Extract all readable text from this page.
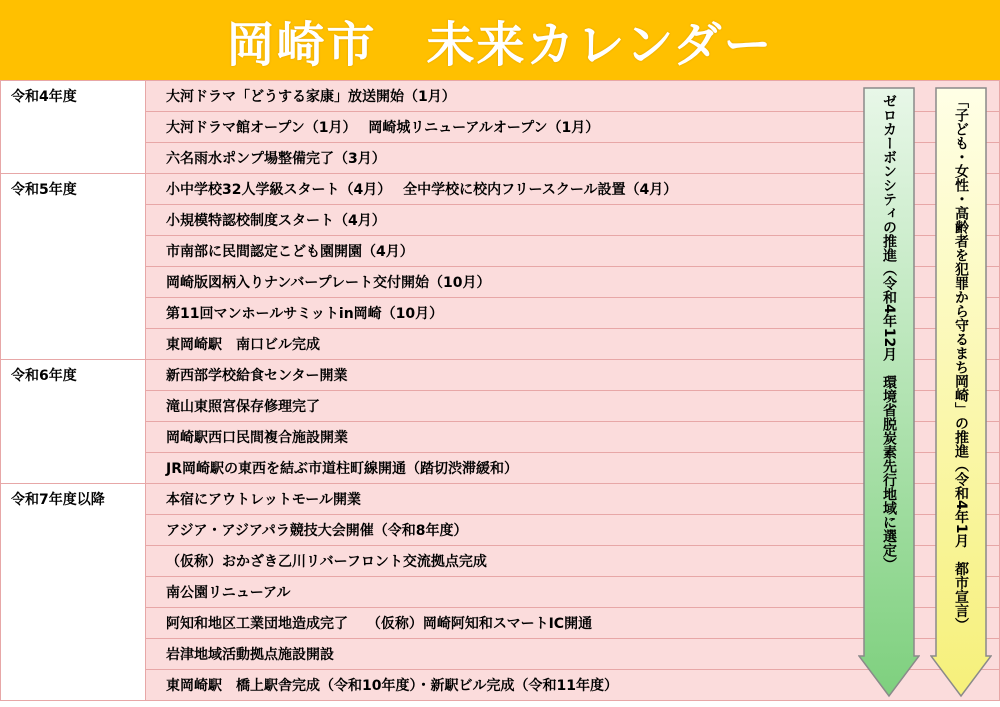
岡崎市　未来カレンダー
令和4年度	大河ドラマ「どうする家康」放送開始（1月）

	大河ドラマ館オープン（1月）　 岡崎城リニューアルオープン（1月）

	六名雨水ポンプ場整備完了（3月）

令和5年度	小中学校32人学級スタート（4月）　 全中学校に校内フリースクール設置（4月）

	小規模特認校制度スタート（4月）

	市南部に民間認定こども園開園（4月）

	岡崎版図柄入りナンバープレート交付開始（10月）

	第11回マンホールサミットin岡崎（10月）

	東岡崎駅　南口ビル完成

令和6年度	新西部学校給食センター開業

	滝山東照宮保存修理完了

	岡崎駅西口民間複合施設開業

	JR岡崎駅の東西を結ぶ市道柱町線開通（踏切渋滞緩和）

令和7年度以降	本宿にアウトレットモール開業

	アジア・アジアパラ競技大会開催（令和8年度）

	（仮称）おかざき乙川リバーフロント交流拠点完成

	南公園リニューアル

	阿知和地区工業団地造成完了　 （仮称）岡崎阿知和スマートIC開通

	岩津地域活動拠点施設開設

	東岡崎駅　橋上駅舎完成（令和10年度）・新駅ビル完成（令和11年度）
ゼロカーボンシティの推進（令和4年12月　環境省脱炭素先行地域に選定）	「子ども・女性・高齢者を犯罪から守るまち岡崎」の推進（令和4年1月　都市宣言）
